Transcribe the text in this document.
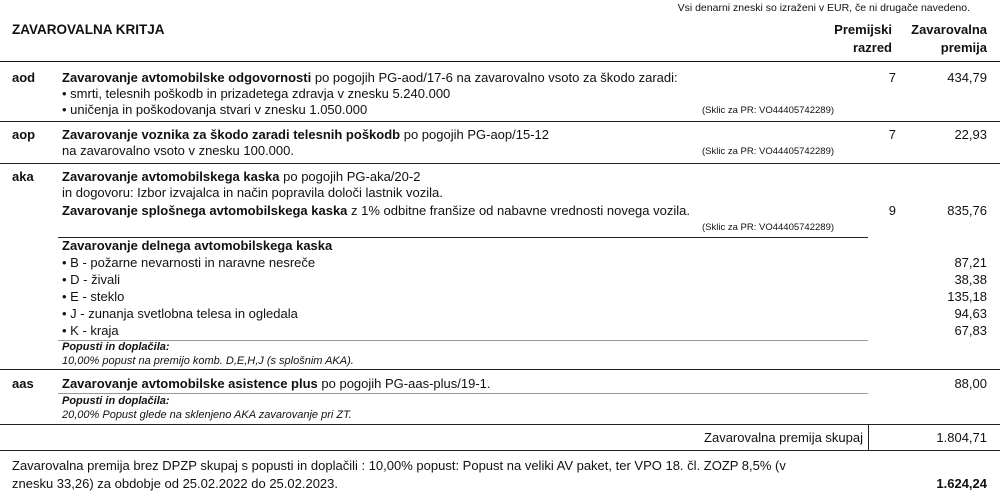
Vsi denarni zneski so izraženi v EUR, če ni drugače navedeno.
ZAVAROVALNA KRITJA	Premijski
razred
Zavarovalna
premija
aod Zavarovanje avtomobilske odgovornosti po pogojih PG-aod/17-6 na zavarovalno vsoto za škodo zaradi:
• smrti, telesnih poškodb in prizadetega zdravja v znesku 5.240.000
• uničenja in poškodovanja stvari v znesku 1.050.000	(Sklic za PR: VO44405742289)
7	434,79
aop Zavarovanje voznika za škodo zaradi telesnih poškodb po pogojih PG-aop/15-12
na zavarovalno vsoto v znesku 100.000.	(Sklic za PR: VO44405742289)
7	22,93
aka Zavarovanje avtomobilskega kaska po pogojih PG-aka/20-2
in dogovoru: Izbor izvajalca in način popravila določi lastnik vozila.
Zavarovanje splošnega avtomobilskega kaska z 1% odbitne franšize od nabavne vrednosti novega vozila.
(Sklic za PR: VO44405742289)
9	835,76
Zavarovanje delnega avtomobilskega kaska
• B - požarne nevarnosti in naravne nesreče	87,21
• D - živali	38,38
• E - steklo	135,18
• J - zunanja svetlobna telesa in ogledala	94,63
• K - kraja	67,83
Popusti in doplačila:
10,00% popust na premijo komb. D,E,H,J (s splošnim AKA).
aas Zavarovanje avtomobilske asistence plus po pogojih PG-aas-plus/19-1.	88,00
Popusti in doplačila:
20,00% Popust glede na sklenjeno AKA zavarovanje pri ZT.
Zavarovalna premija skupaj	1.804,71
Zavarovalna premija brez DPZP skupaj s popusti in doplačili : 10,00% popust: Popust na veliki AV paket, ter VPO 18. čl. ZOZP 8,5% (v
znesku 33,26) za obdobje od 25.02.2022 do 25.02.2023.	1.624,24
